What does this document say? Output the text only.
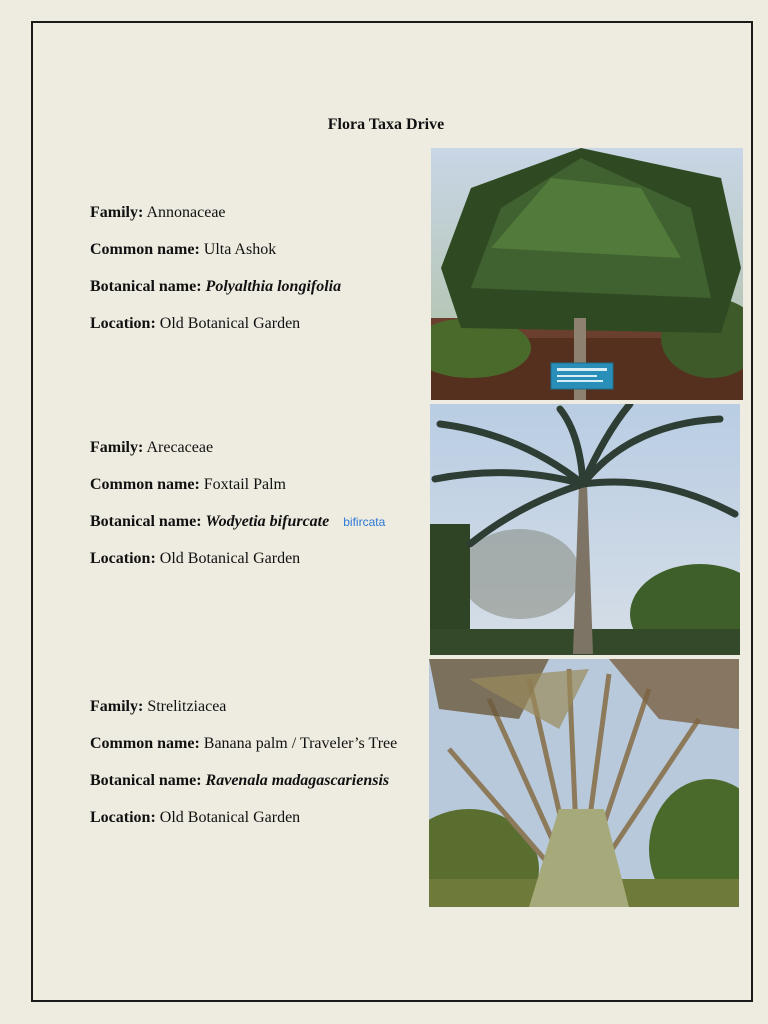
Flora Taxa Drive

Family: Annonaceae

Common name: Ulta Ashok

Botanical name: Polyalthia longifolia

Location: Old Botanical Garden

Family: Arecaceae

Common name: Foxtail Palm

Botanical name: Wodyetia bifurcate bifircata

Location: Old Botanical Garden

Family: Strelitziacea

Common name: Banana palm / Traveler’s Tree

Botanical name: Ravenala madagascariensis

Location: Old Botanical Garden
